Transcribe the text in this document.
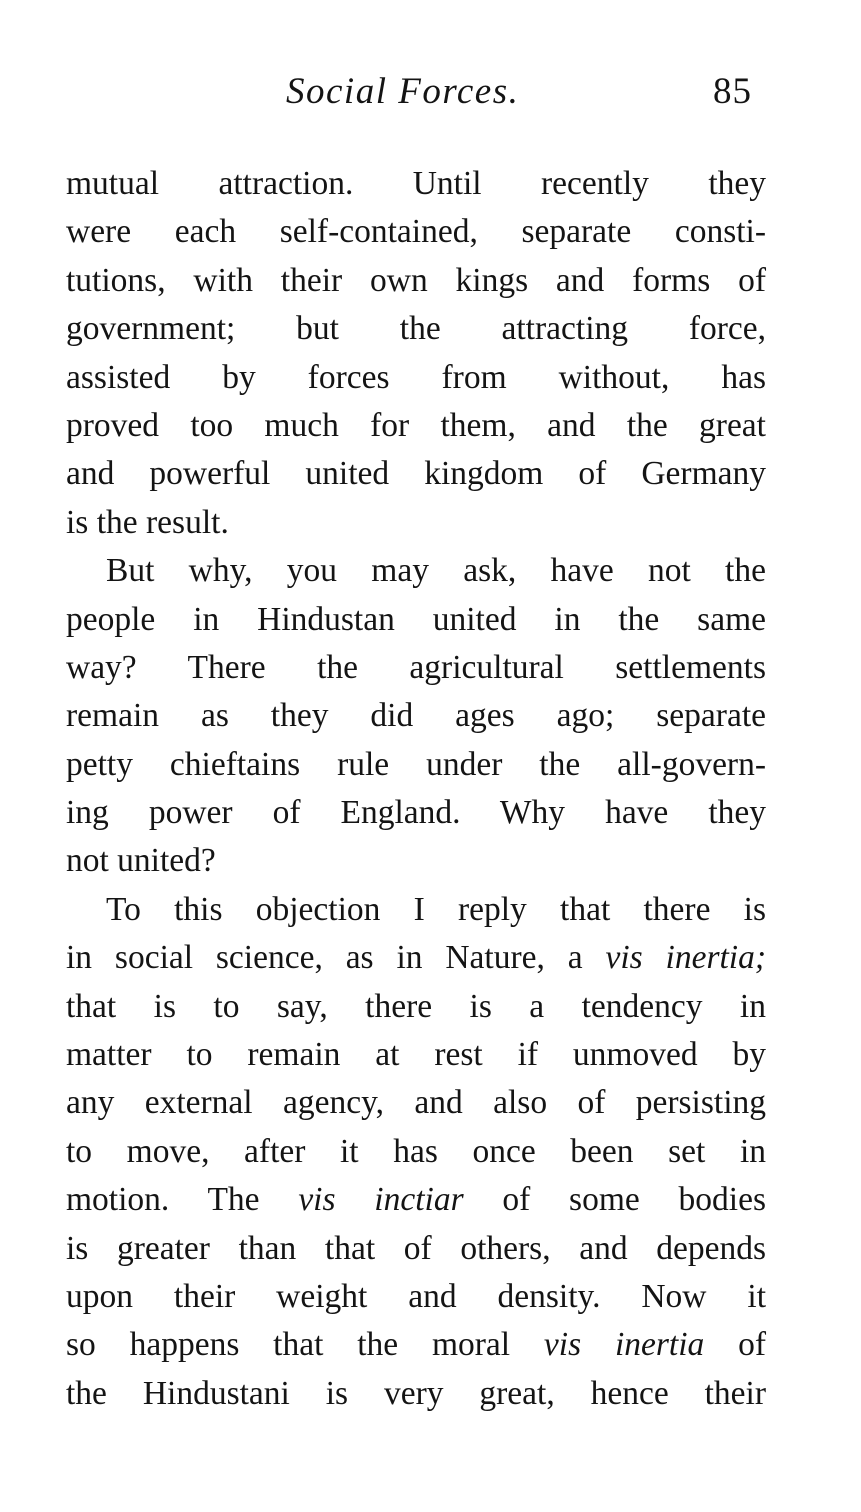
Social Forces.	85
mutual attraction. Until recently they
were each self-contained, separate consti-
tutions, with their own kings and forms of
government; but the attracting force,
assisted by forces from without, has
proved too much for them, and the great
and powerful united kingdom of Germany
is the result.
But why, you may ask, have not the
people in Hindustan united in the same
way? There the agricultural settlements
remain as they did ages ago; separate
petty chieftains rule under the all-govern-
ing power of England. Why have they
not united?
To this objection I reply that there is
in social science, as in Nature, a vis inertia;
that is to say, there is a tendency in
matter to remain at rest if unmoved by
any external agency, and also of persisting
to move, after it has once been set in
motion. The vis inctiar of some bodies
is greater than that of others, and depends
upon their weight and density. Now it
so happens that the moral vis inertia of
the Hindustani is very great, hence their
